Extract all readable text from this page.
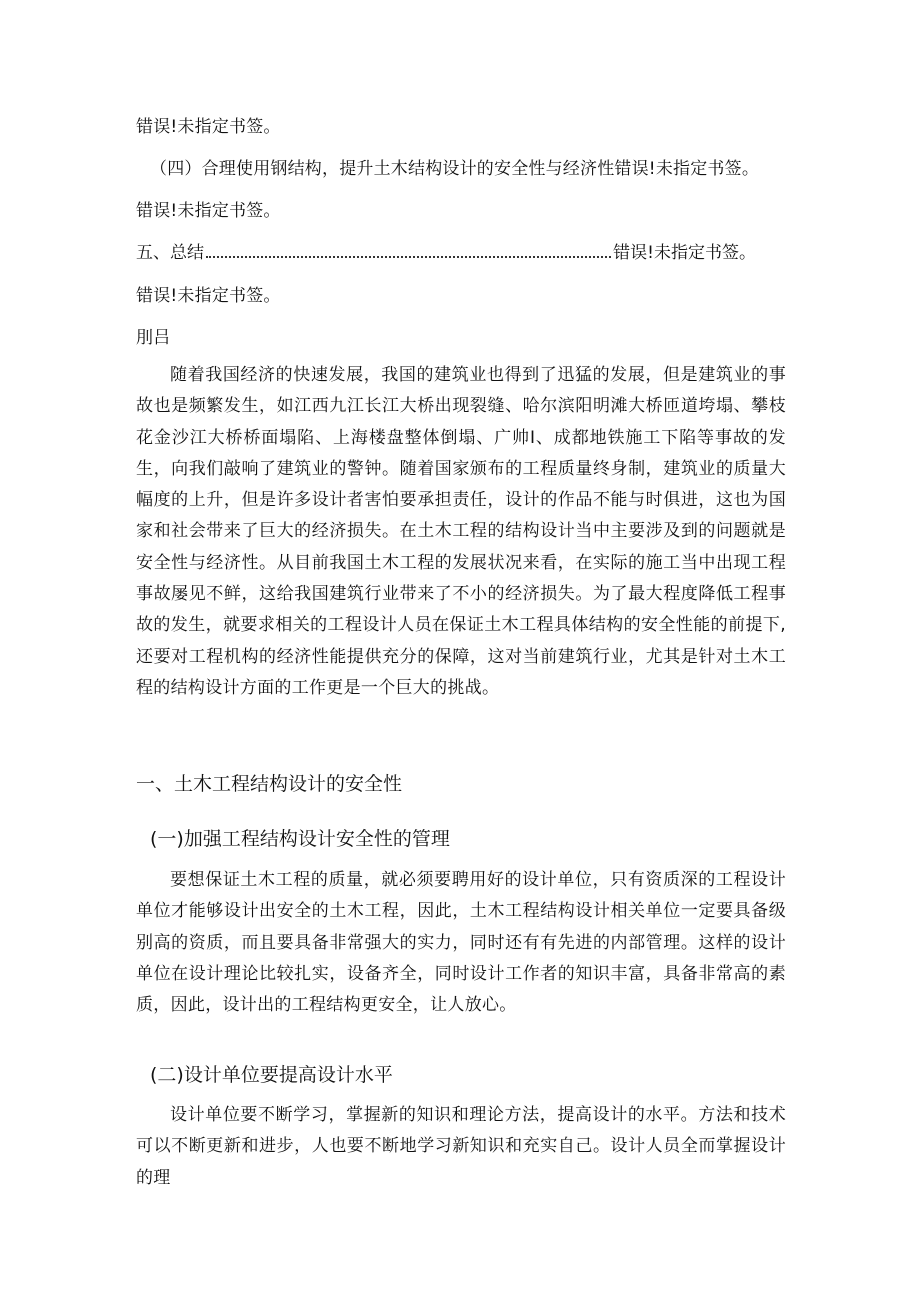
错误!未指定书签。
（四）合理使用钢结构，提升土木结构设计的安全性与经济性错误!未指定书签。
错误!未指定书签。
五、总结	错误!未指定书签。
错误!未指定书签。
刖吕

随着我国经济的快速发展，我国的建筑业也得到了迅猛的发展，但是建筑业的事故也是频繁发生，如江西九江长江大桥出现裂缝、哈尔滨阳明滩大桥匝道垮塌、攀枝花金沙江大桥桥面塌陷、上海楼盘整体倒塌、广帅I、成都地铁施工下陷等事故的发生，向我们敲响了建筑业的警钟。随着国家颁布的工程质量终身制，建筑业的质量大幅度的上升，但是许多设计者害怕要承担责任，设计的作品不能与时俱进，这也为国家和社会带来了巨大的经济损失。在土木工程的结构设计当中主要涉及到的问题就是安全性与经济性。从目前我国土木工程的发展状况来看，在实际的施工当中出现工程事故屡见不鲜，这给我国建筑行业带来了不小的经济损失。为了最大程度降低工程事故的发生，就要求相关的工程设计人员在保证土木工程具体结构的安全性能的前提下,还要对工程机构的经济性能提供充分的保障，这对当前建筑行业，尤其是针对土木工程的结构设计方面的工作更是一个巨大的挑战。

一、土木工程结构设计的安全性
(一)加强工程结构设计安全性的管理

要想保证土木工程的质量，就必须要聘用好的设计单位，只有资质深的工程设计单位才能够设计出安全的土木工程，因此，土木工程结构设计相关单位一定要具备级别高的资质，而且要具备非常强大的实力，同时还有有先进的内部管理。这样的设计单位在设计理论比较扎实，设备齐全，同时设计工作者的知识丰富，具备非常高的素质，因此，设计出的工程结构更安全，让人放心。

(二)设计单位要提高设计水平

设计单位要不断学习，掌握新的知识和理论方法，提高设计的水平。方法和技术可以不断更新和进步，人也要不断地学习新知识和充实自己。设计人员全而掌握设计的理
